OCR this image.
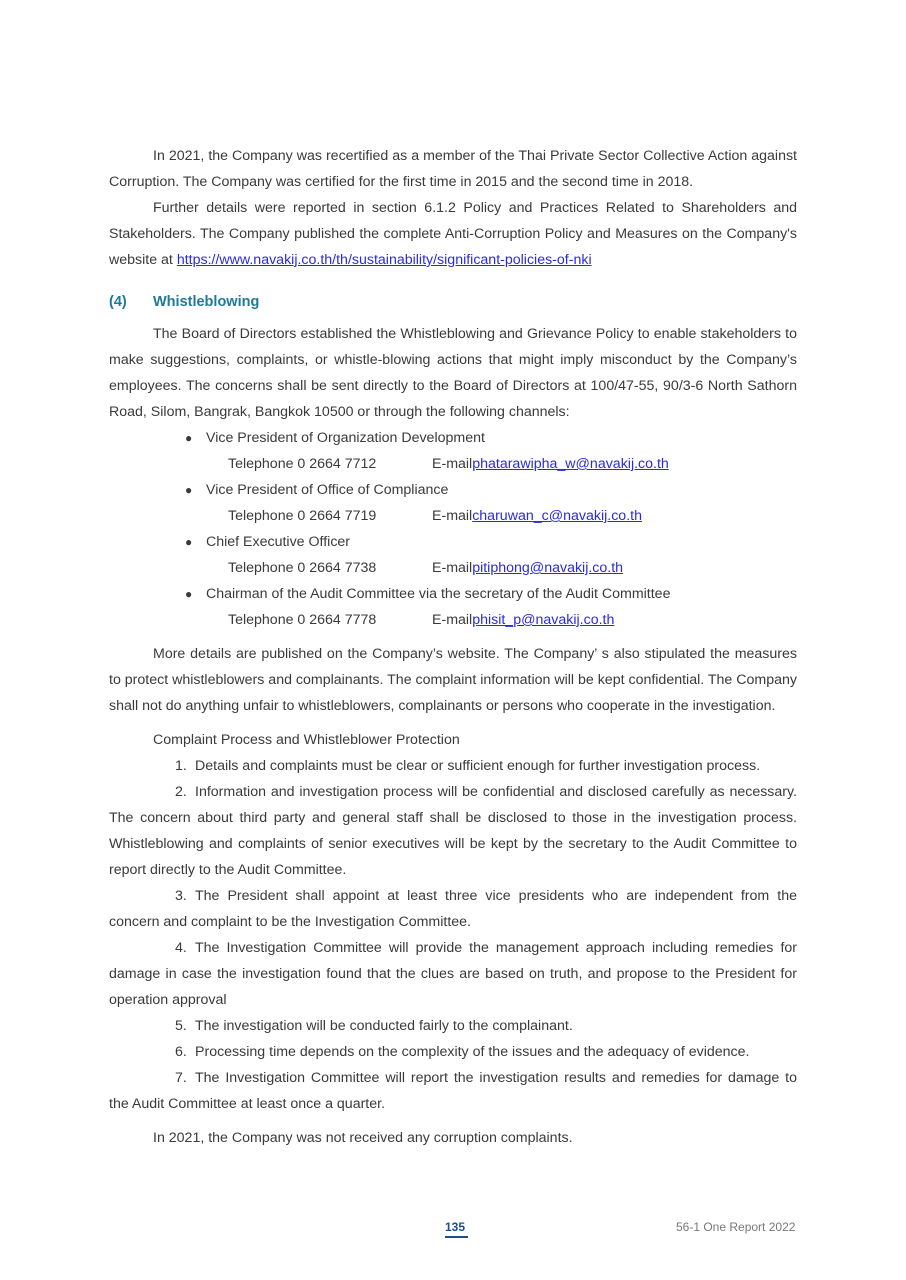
In 2021, the Company was recertified as a member of the Thai Private Sector Collective Action against Corruption. The Company was certified for the first time in 2015 and the second time in 2018.

Further details were reported in section 6.1.2 Policy and Practices Related to Shareholders and Stakeholders. The Company published the complete Anti-Corruption Policy and Measures on the Company's website at https://www.navakij.co.th/th/sustainability/significant-policies-of-nki

(4)	Whistleblowing

The Board of Directors established the Whistleblowing and Grievance Policy to enable stakeholders to make suggestions, complaints, or whistle-blowing actions that might imply misconduct by the Company’s employees. The concerns shall be sent directly to the Board of Directors at 100/47-55, 90/3-6 North Sathorn Road, Silom, Bangrak, Bangkok 10500 or through the following channels:

● Vice President of Organization Development
Telephone 0 2664 7712	E-mail phatarawipha_w@navakij.co.th
● Vice President of Office of Compliance
Telephone 0 2664 7719	E-mail charuwan_c@navakij.co.th
● Chief Executive Officer
Telephone 0 2664 7738	E-mail pitiphong@navakij.co.th
● Chairman of the Audit Committee via the secretary of the Audit Committee
Telephone 0 2664 7778	E-mail phisit_p@navakij.co.th

More details are published on the Company’s website. The Company’ s also stipulated the measures to protect whistleblowers and complainants. The complaint information will be kept confidential. The Company shall not do anything unfair to whistleblowers, complainants or persons who cooperate in the investigation.

Complaint Process and Whistleblower Protection

1. Details and complaints must be clear or sufficient enough for further investigation process.

2. Information and investigation process will be confidential and disclosed carefully as necessary. The concern about third party and general staff shall be disclosed to those in the investigation process. Whistleblowing and complaints of senior executives will be kept by the secretary to the Audit Committee to report directly to the Audit Committee.

3. The President shall appoint at least three vice presidents who are independent from the concern and complaint to be the Investigation Committee.

4. The Investigation Committee will provide the management approach including remedies for damage in case the investigation found that the clues are based on truth, and propose to the President for operation approval

5. The investigation will be conducted fairly to the complainant.

6. Processing time depends on the complexity of the issues and the adequacy of evidence.

7. The Investigation Committee will report the investigation results and remedies for damage to the Audit Committee at least once a quarter.

In 2021, the Company was not received any corruption complaints.

135	56-1 One Report 2022
